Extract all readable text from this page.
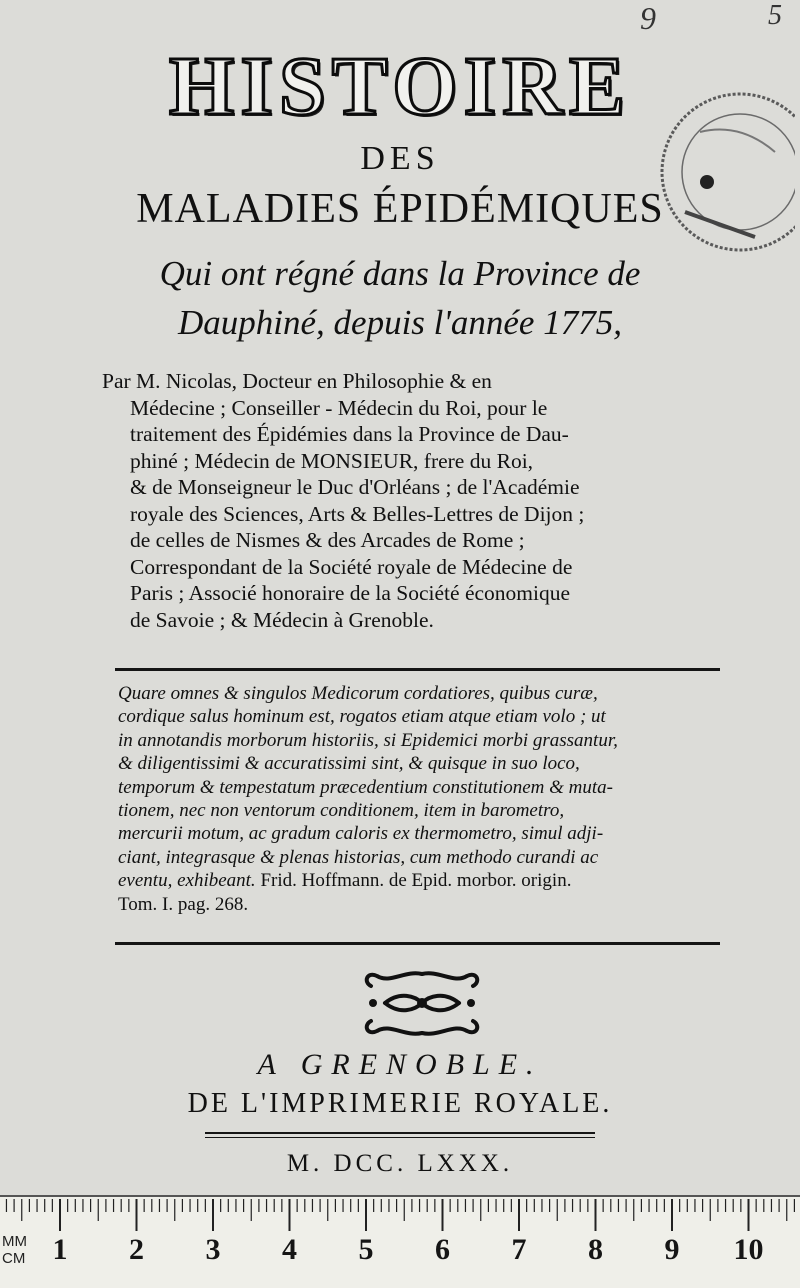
9	5
HISTOIRE
DES
MALADIES ÉPIDÉMIQUES
Qui ont régné dans la Province de
Dauphiné, depuis l'année 1775,

Par M. Nicolas, Docteur en Philosophie & en

Médecine ; Conseiller - Médecin du Roi, pour le

traitement des Épidémies dans la Province de Dau-

phiné ; Médecin de MONSIEUR, frere du Roi,

& de Monseigneur le Duc d'Orléans ; de l'Académie

royale des Sciences, Arts & Belles-Lettres de Dijon ;

de celles de Nismes & des Arcades de Rome ;

Correspondant de la Société royale de Médecine de

Paris ; Associé honoraire de la Société économique

de Savoie ; & Médecin à Grenoble.

Quare omnes & singulos Medicorum cordatiores, quibus curæ,

cordique salus hominum est, rogatos etiam atque etiam volo ; ut

in annotandis morborum historiis, si Epidemici morbi grassantur,

& diligentissimi & accuratissimi sint, & quisque in suo loco,

temporum & tempestatum præcedentium constitutionem & muta-

tionem, nec non ventorum conditionem, item in barometro,

mercurii motum, ac gradum caloris ex thermometro, simul adji-

ciant, integrasque & plenas historias, cum methodo curandi ac

eventu, exhibeant. Frid. Hoffmann. de Epid. morbor. origin.

Tom. I. pag. 268.

A GRENOBLE.
DE L'IMPRIMERIE ROYALE.
M. DCC. LXXX.
MM
CM 1 2 3 4 5 6 7 8 9 10
